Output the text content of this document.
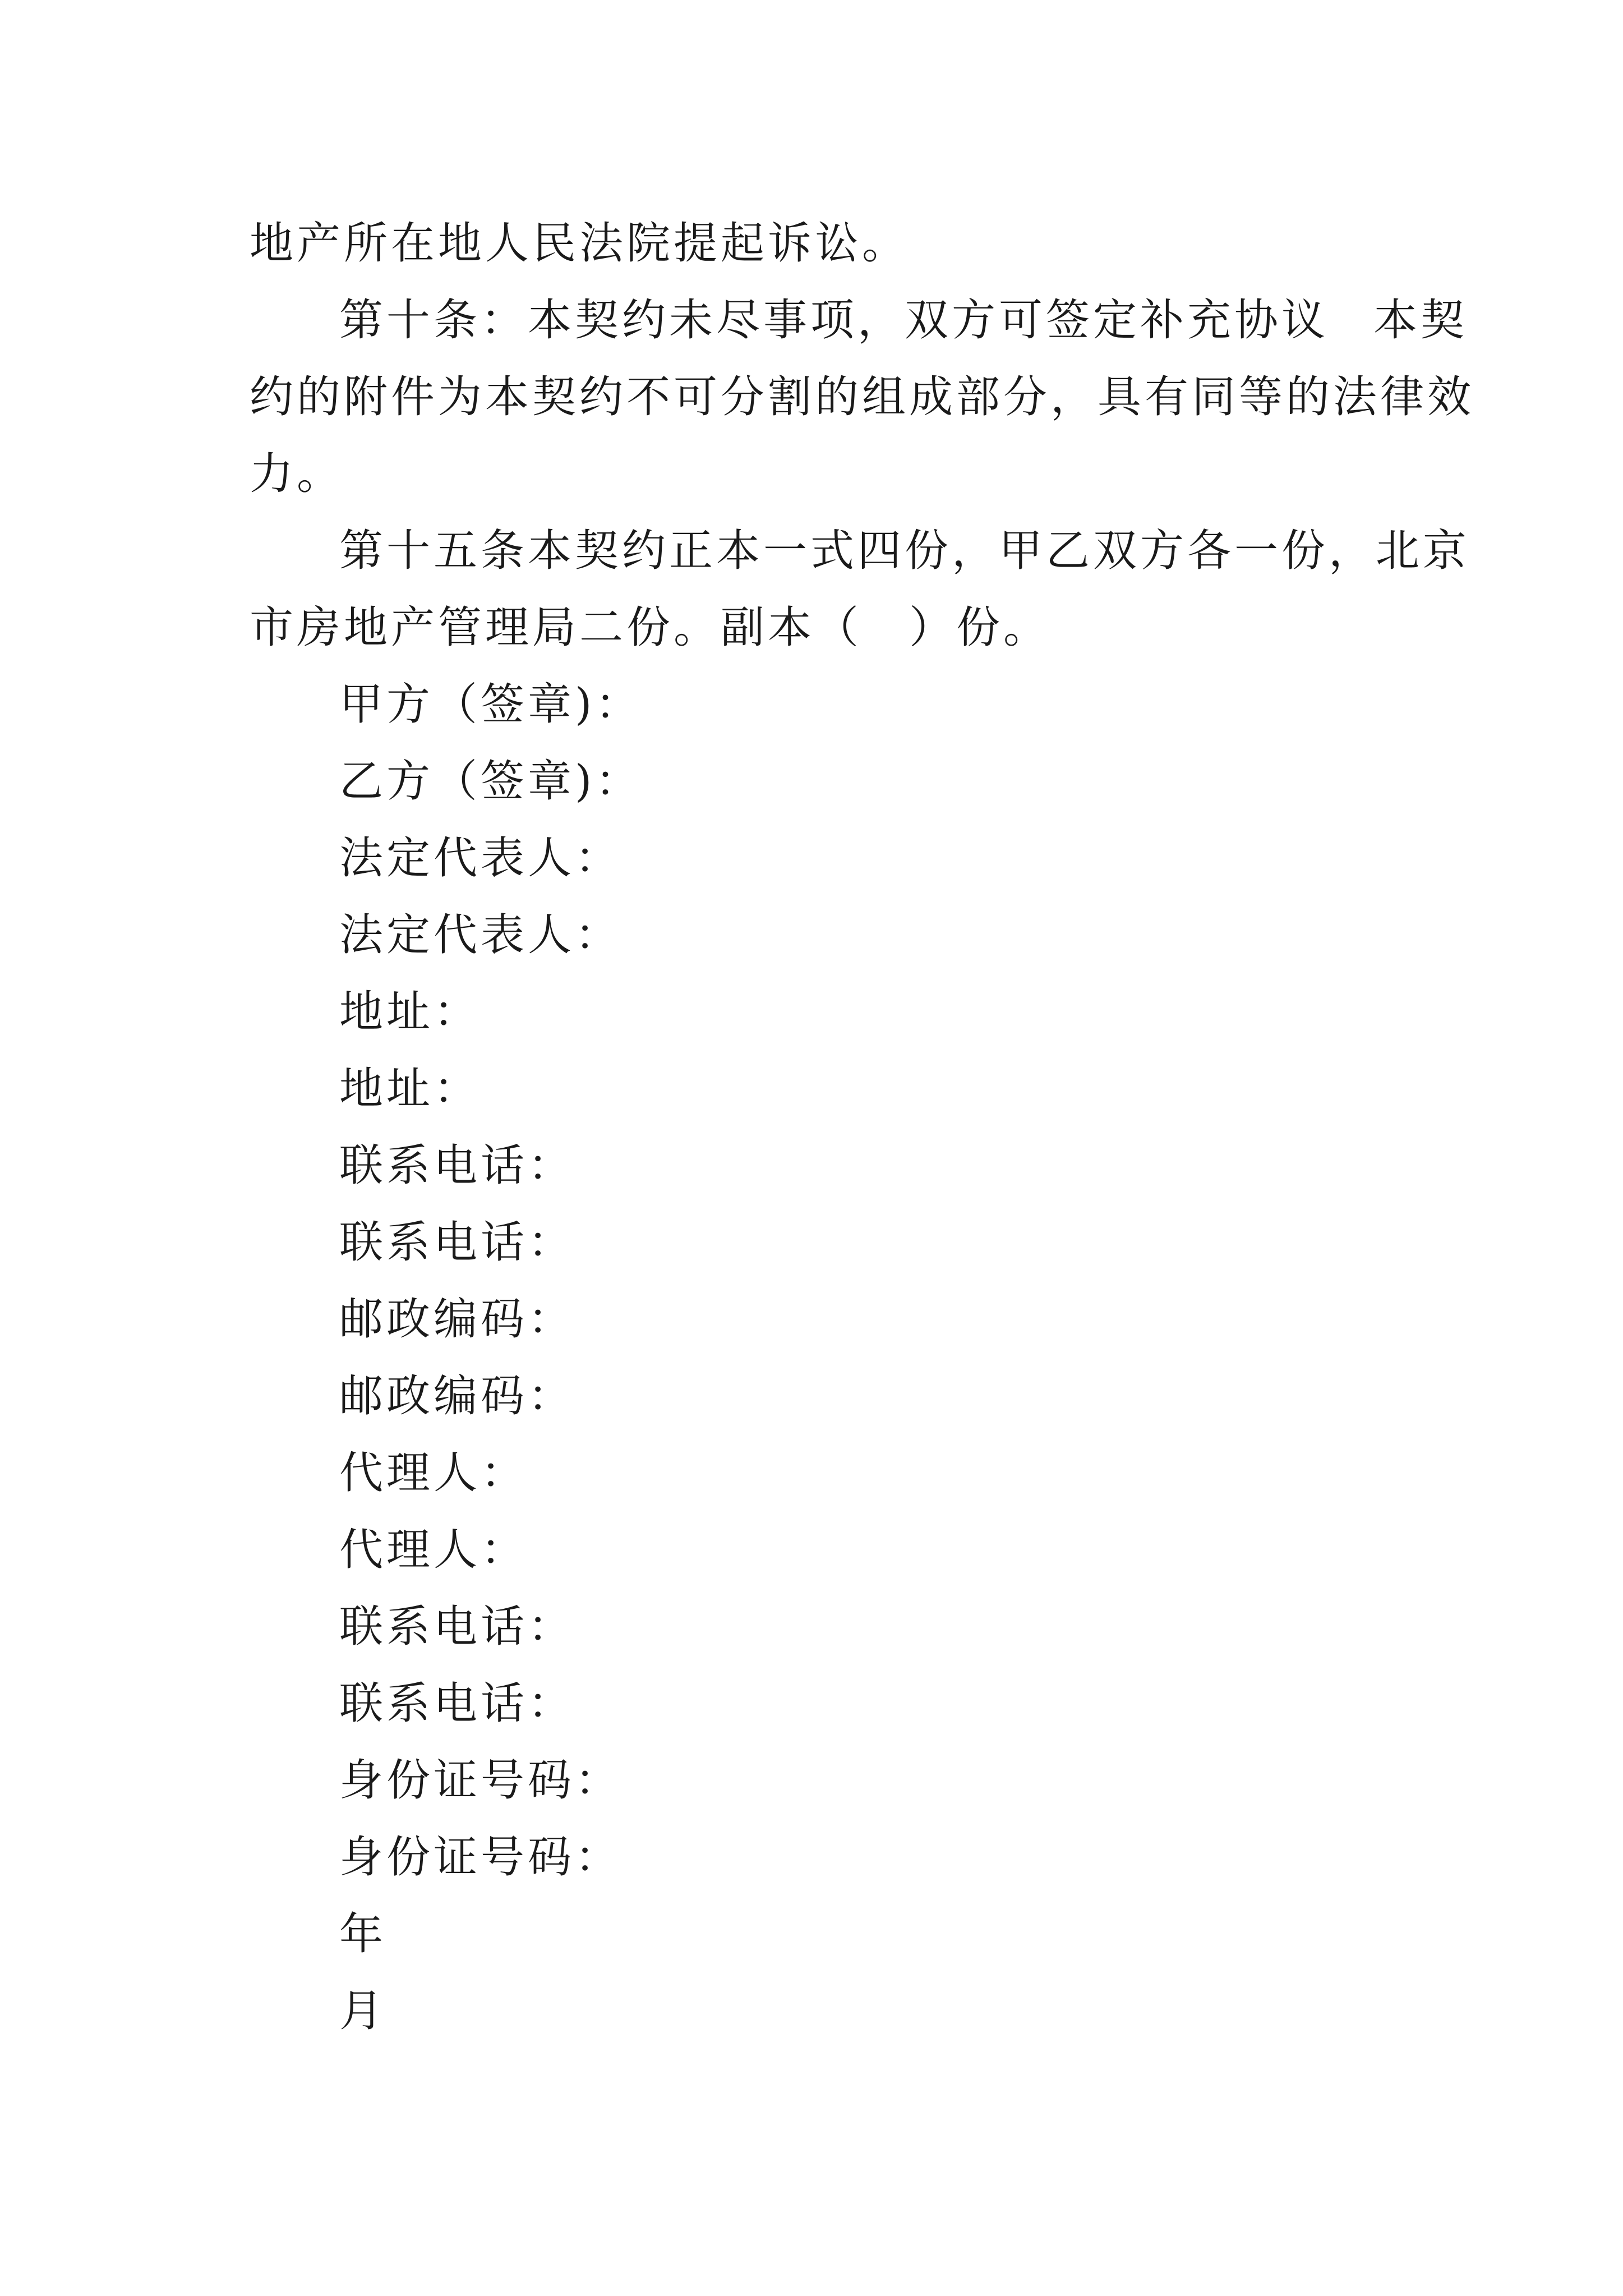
地产所在地人民法院提起诉讼。

第十条：本契约未尽事项，双方可签定补充协议 本契

约的附件为本契约不可分割的组成部分，具有同等的法律效

力。

第十五条本契约正本一式四份，甲乙双方各一份，北京

市房地产管理局二份。副本（　）份。

甲方（签章)：

乙方（签章)：

法定代表人：

法定代表人：

地址：

地址：

联系电话：

联系电话：

邮政编码：

邮政编码：

代理人：

代理人：

联系电话：

联系电话：

身份证号码：

身份证号码：

年

月
